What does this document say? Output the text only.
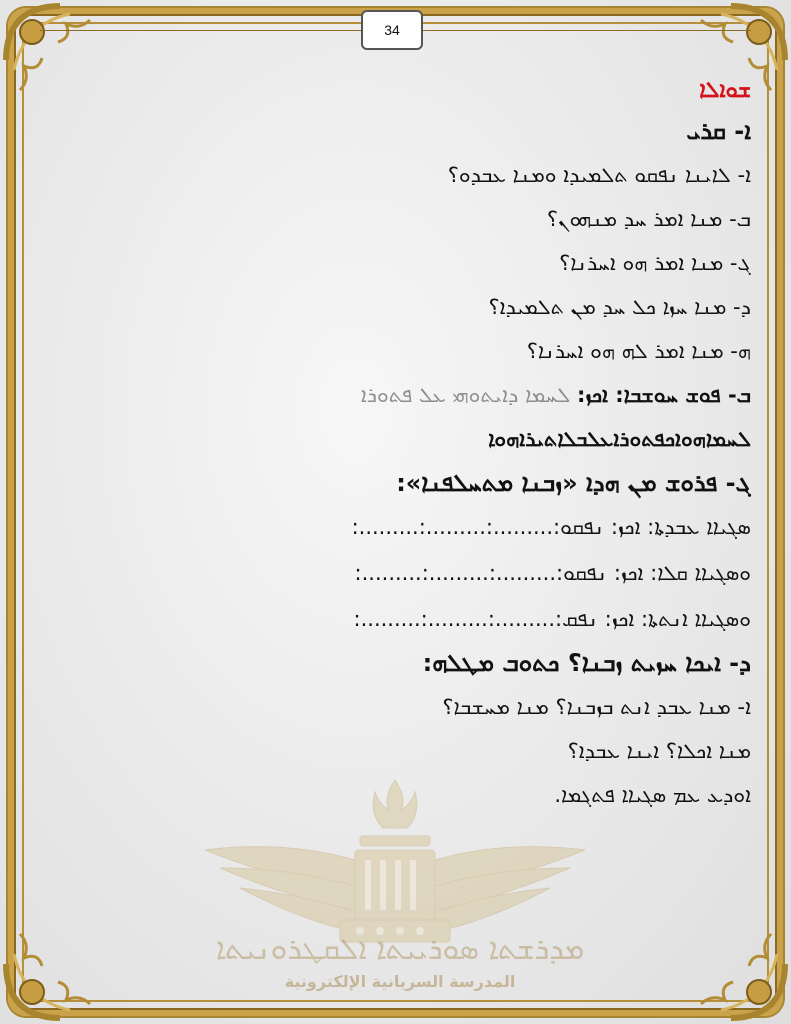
34
ܡܕܪܫܬܐ ܣܘܪܝܝܬܐ ܐܠܩܛܪܘܢܝܬܐ
المدرسة السريانية الإلكترونية
ܫܘܐܠܐ
ܐ- ܩܪܝ
ܐ- ܠܐܝܢܐ ܢܦܩܘ ܬܠܡܝܕܐ ܘܡܢܐ ܥܒܕܘ؟
ܒ- ܡܢܐ ܐܡܪ ܚܕ ܡܢܗܘܢ؟
ܓ- ܡܢܐ ܐܡܪ ܗܘ ܐܚܪܢܐ؟
ܕ- ܡܢܐ ܚܙܐ ܟܠ ܚܕ ܡܢ ܬܠܡܝܕܐ؟
ܗ- ܡܢܐ ܐܡܪ ܠܗ ܗܘ ܐܚܪܢܐ؟
ܒ- ܦܘܫ ܚܘܫܒܐ: ܐܟܙ: ܠܚܡܐ ܕܐܝܬܘܗܝ ܥܠ ܦܬܘܪܐ
ܠܚܡܐܗܘܐܟܦܬܘܪܐܥܠܒܠܐܬܝܪܐܗܘܐ
ܓ- ܦܪܘܫ ܡܢ ܗܕܐ «ܙܒܢܐ ܡܬܚܠܦܢܐ»:
ܣܓܝܐܐ ܥܒܕܬܐ: ܐܟܙ: ܢܦܩܘ:.........:.........:.........:
ܘܣܓܝܐܐ ܩܠܐ: ܐܟܙ: ܢܦܩܘ:.........:.........:.........:
ܘܣܓܝܐܐ ܐܢܬܬܐ: ܐܟܙ: ܢܦܩ:.........:.........:.........:
ܕ- ܐܝܟܐ ܚܙܝܬ ܙܒܢܐ؟ ܟܬܘܒ ܡܛܠܗ:
ܐ- ܡܢܐ ܥܒܕ ܐܢܬ ܒܙܒܢܐ؟ ܡܢܐ ܡܚܫܒܐ؟
ܡܢܐ ܐܟܠܐ؟ ܐܝܢܐ ܥܒܕܐ؟
ܐܘܕܥ ܥܡ ܣܓܝܐܐ ܦܬܓܡܐ.
